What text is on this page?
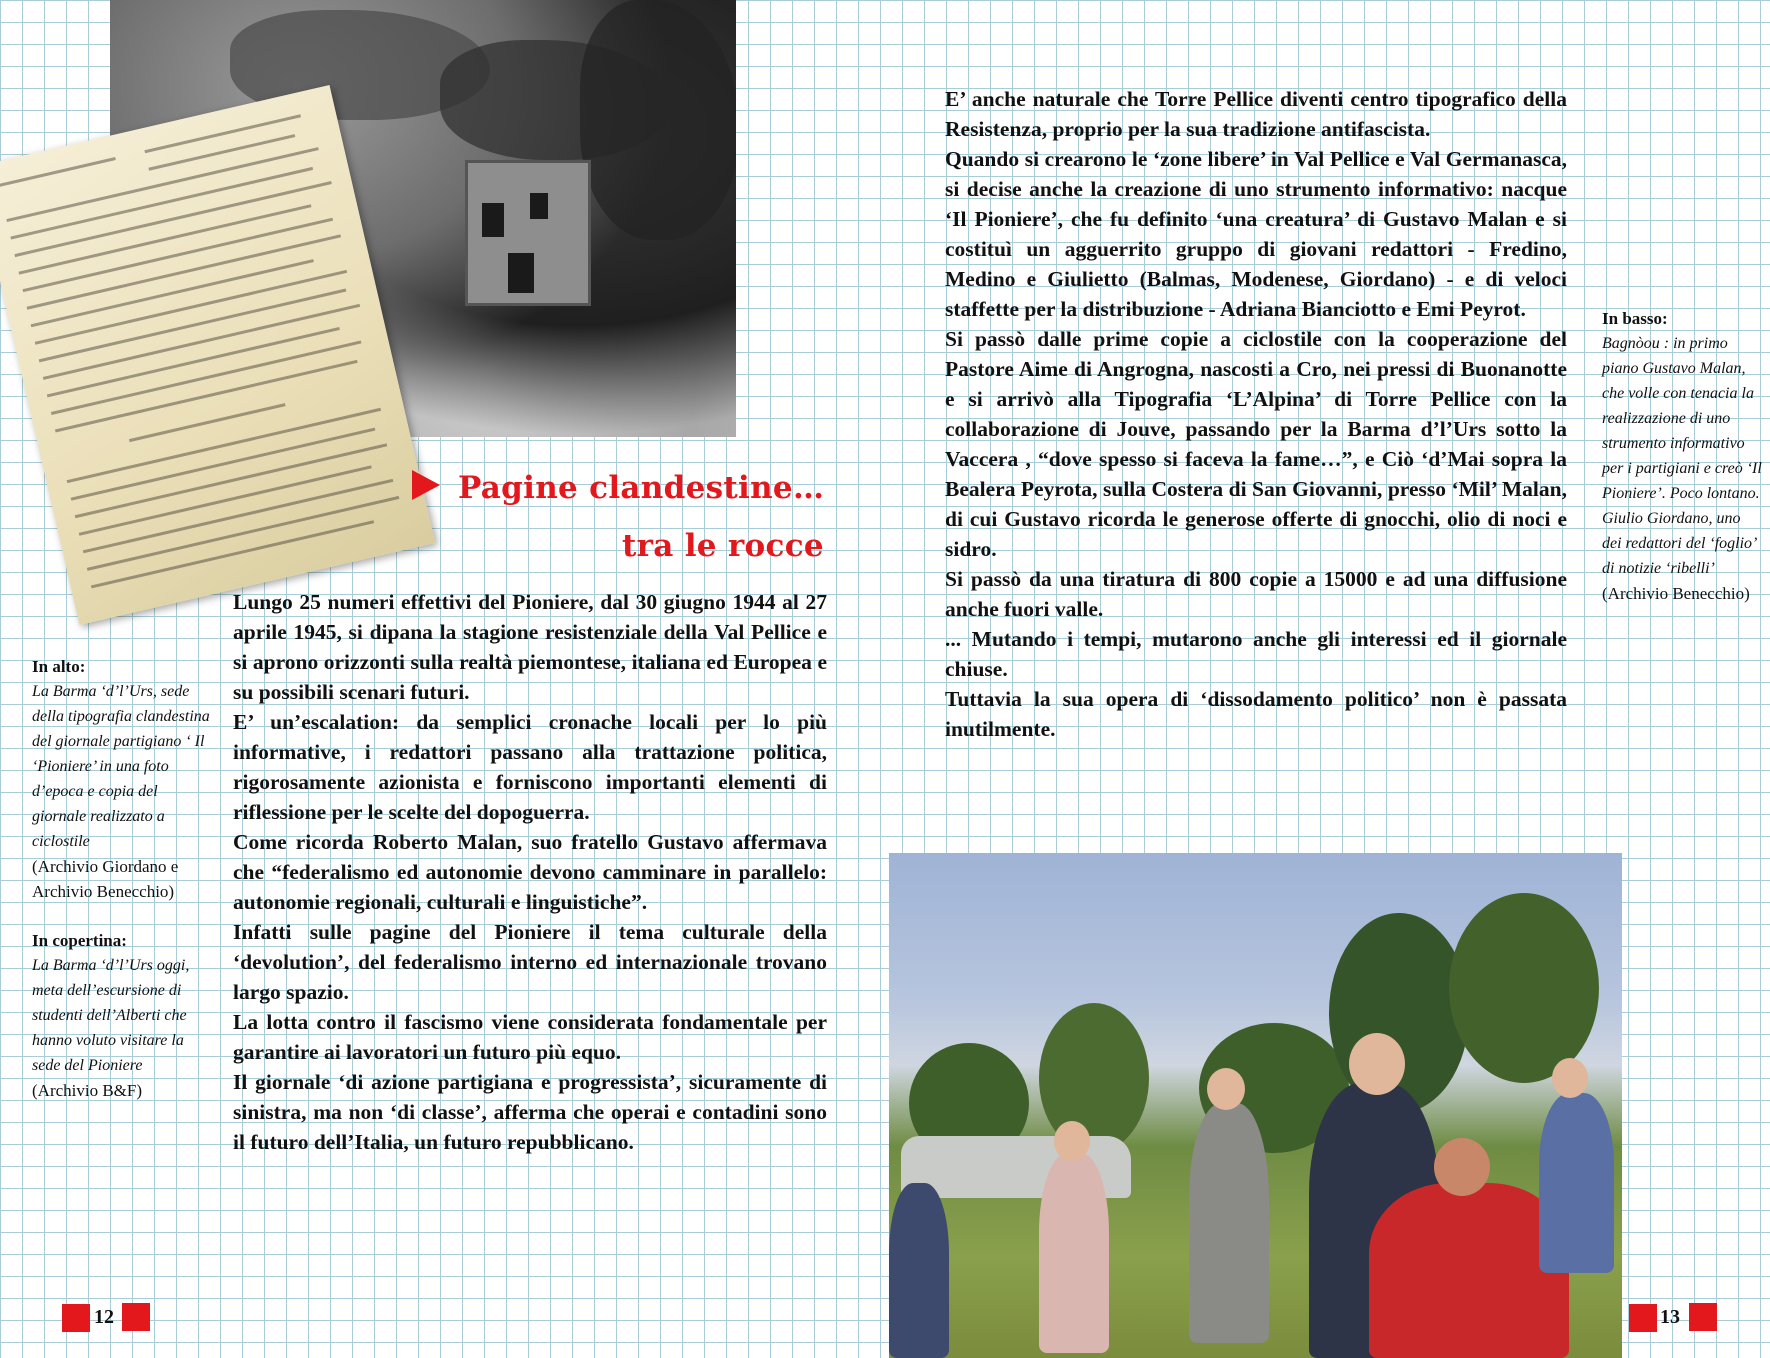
Pagine clandestine…
tra le rocce

Lungo 25 numeri effettivi del Pioniere, dal 30 giugno 1944 al 27 aprile 1945, si dipana la stagione resistenziale della Val Pellice e si aprono orizzonti sulla realtà piemontese, italiana ed Europea e su possibili scenari futuri.

E’ un’escalation: da semplici cronache locali per lo più informative, i redattori passano alla trattazione politica, rigorosamente azionista e forniscono importanti elementi di riflessione per le scelte del dopoguerra.

Come ricorda Roberto Malan, suo fratello Gustavo affermava che “federalismo ed autonomie devono camminare in parallelo: autonomie regionali, culturali e linguistiche”.

Infatti sulle pagine del Pioniere il tema culturale della ‘devolution’, del federalismo interno ed internazionale trovano largo spazio.

La lotta contro il fascismo viene considerata fondamentale per garantire ai lavoratori un futuro più equo.

Il giornale ‘di azione partigiana e progressista’, sicuramente di sinistra, ma non ‘di classe’, afferma che operai e contadini sono il futuro dell’Italia, un futuro repubblicano.

E’ anche naturale che Torre Pellice diventi centro tipografico della Resistenza, proprio per la sua tradizione antifascista.

Quando si crearono le ‘zone libere’ in Val Pellice e Val Germanasca, si decise anche la creazione di uno strumento informativo: nacque ‘Il Pioniere’, che fu definito ‘una creatura’ di Gustavo Malan e si costituì un agguerrito gruppo di giovani redattori - Fredino, Medino e Giulietto (Balmas, Modenese, Giordano) - e di veloci staffette per la distribuzione - Adriana Bianciotto e Emi Peyrot.

Si passò dalle prime copie a ciclostile con la cooperazione del Pastore Aime di Angrogna, nascosti a Cro, nei pressi di Buonanotte e si arrivò alla Tipografia ‘L’Alpina’ di Torre Pellice con la collaborazione di Jouve, passando per la Barma d’l’Urs sotto la Vaccera , “dove spesso si faceva la fame…”, e Ciò ‘d’Mai sopra la Bealera Peyrota, sulla Costera di San Giovanni, presso ‘Mil’ Malan, di cui Gustavo ricorda le generose offerte di gnocchi, olio di noci e sidro.

Si passò da una tiratura di 800 copie a 15000 e ad una diffusione anche fuori valle.

... Mutando i tempi, mutarono anche gli interessi ed il giornale chiuse.

Tuttavia la sua opera di ‘dissodamento politico’ non è passata inutilmente.

In alto:
La Barma ‘d’l’Urs, sede della tipografia clandestina del giornale partigiano ‘ Il ‘Pioniere’ in una foto d’epoca e copia del giornale realizzato a ciclostile
(Archivio Giordano e Archivio Benecchio)
In copertina:
La Barma ‘d’l’Urs oggi, meta dell’escursione di studenti dell’Alberti che hanno voluto visitare la sede del Pioniere
(Archivio B&F)
In basso:
Bagnòou : in primo piano Gustavo Malan, che volle con tenacia la realizzazione di uno strumento informativo per i partigiani e creò ‘Il Pioniere’. Poco lontano. Giulio Giordano, uno dei redattori del ‘foglio’ di notizie ‘ribelli’
(Archivio Benecchio)
12	13
